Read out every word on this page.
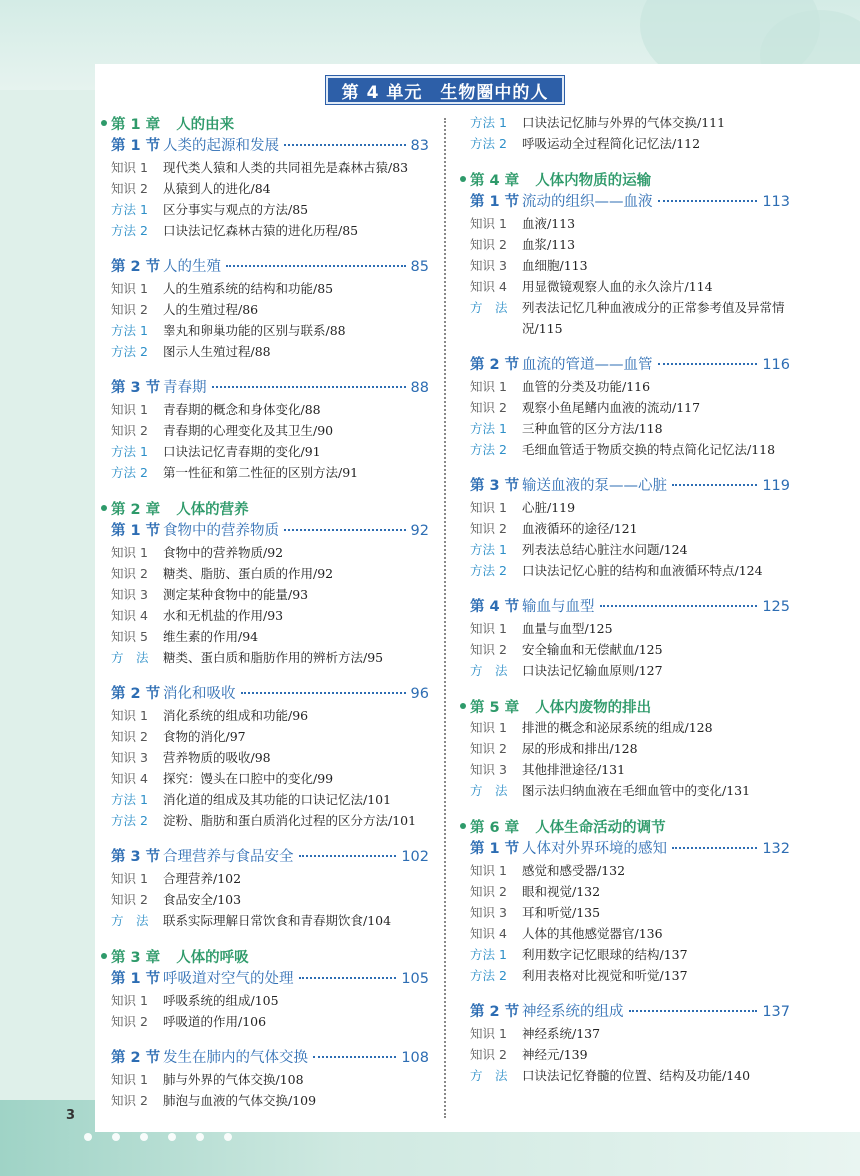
3
第 4 单元　生物圈中的人
第 1 章 人的由来
第 1 节 人类的起源和发展	83
知识 1	现代类人猿和人类的共同祖先是森林古猿/83
知识 2	从猿到人的进化/84
方法 1	区分事实与观点的方法/85
方法 2	口诀法记忆森林古猿的进化历程/85
第 2 节 人的生殖	85
知识 1	人的生殖系统的结构和功能/85
知识 2	人的生殖过程/86
方法 1	睾丸和卵巢功能的区别与联系/88
方法 2	图示人生殖过程/88
第 3 节 青春期	88
知识 1	青春期的概念和身体变化/88
知识 2	青春期的心理变化及其卫生/90
方法 1	口诀法记忆青春期的变化/91
方法 2	第一性征和第二性征的区别方法/91
第 2 章 人体的营养
第 1 节 食物中的营养物质	92
知识 1	食物中的营养物质/92
知识 2	糖类、脂肪、蛋白质的作用/92
知识 3	测定某种食物中的能量/93
知识 4	水和无机盐的作用/93
知识 5	维生素的作用/94
方　法	糖类、蛋白质和脂肪作用的辨析方法/95
第 2 节 消化和吸收	96
知识 1	消化系统的组成和功能/96
知识 2	食物的消化/97
知识 3	营养物质的吸收/98
知识 4	探究：馒头在口腔中的变化/99
方法 1	消化道的组成及其功能的口诀记忆法/101
方法 2	淀粉、脂肪和蛋白质消化过程的区分方法/101
第 3 节 合理营养与食品安全	102
知识 1	合理营养/102
知识 2	食品安全/103
方　法	联系实际理解日常饮食和青春期饮食/104
第 3 章 人体的呼吸
第 1 节 呼吸道对空气的处理	105
知识 1	呼吸系统的组成/105
知识 2	呼吸道的作用/106
第 2 节 发生在肺内的气体交换	108
知识 1	肺与外界的气体交换/108
知识 2	肺泡与血液的气体交换/109
方法 1	口诀法记忆肺与外界的气体交换/111
方法 2	呼吸运动全过程简化记忆法/112
第 4 章 人体内物质的运输
第 1 节 流动的组织——血液	113
知识 1	血液/113
知识 2	血浆/113
知识 3	血细胞/113
知识 4	用显微镜观察人血的永久涂片/114
方　法	列表法记忆几种血液成分的正常参考值及异常情况/115
第 2 节 血流的管道——血管	116
知识 1	血管的分类及功能/116
知识 2	观察小鱼尾鳍内血液的流动/117
方法 1	三种血管的区分方法/118
方法 2	毛细血管适于物质交换的特点简化记忆法/118
第 3 节 输送血液的泵——心脏	119
知识 1	心脏/119
知识 2	血液循环的途径/121
方法 1	列表法总结心脏注水问题/124
方法 2	口诀法记忆心脏的结构和血液循环特点/124
第 4 节 输血与血型	125
知识 1	血量与血型/125
知识 2	安全输血和无偿献血/125
方　法	口诀法记忆输血原则/127
第 5 章 人体内废物的排出
知识 1	排泄的概念和泌尿系统的组成/128
知识 2	尿的形成和排出/128
知识 3	其他排泄途径/131
方　法	图示法归纳血液在毛细血管中的变化/131
第 6 章 人体生命活动的调节
第 1 节 人体对外界环境的感知	132
知识 1	感觉和感受器/132
知识 2	眼和视觉/132
知识 3	耳和听觉/135
知识 4	人体的其他感觉器官/136
方法 1	利用数字记忆眼球的结构/137
方法 2	利用表格对比视觉和听觉/137
第 2 节 神经系统的组成	137
知识 1	神经系统/137
知识 2	神经元/139
方　法	口诀法记忆脊髓的位置、结构及功能/140
